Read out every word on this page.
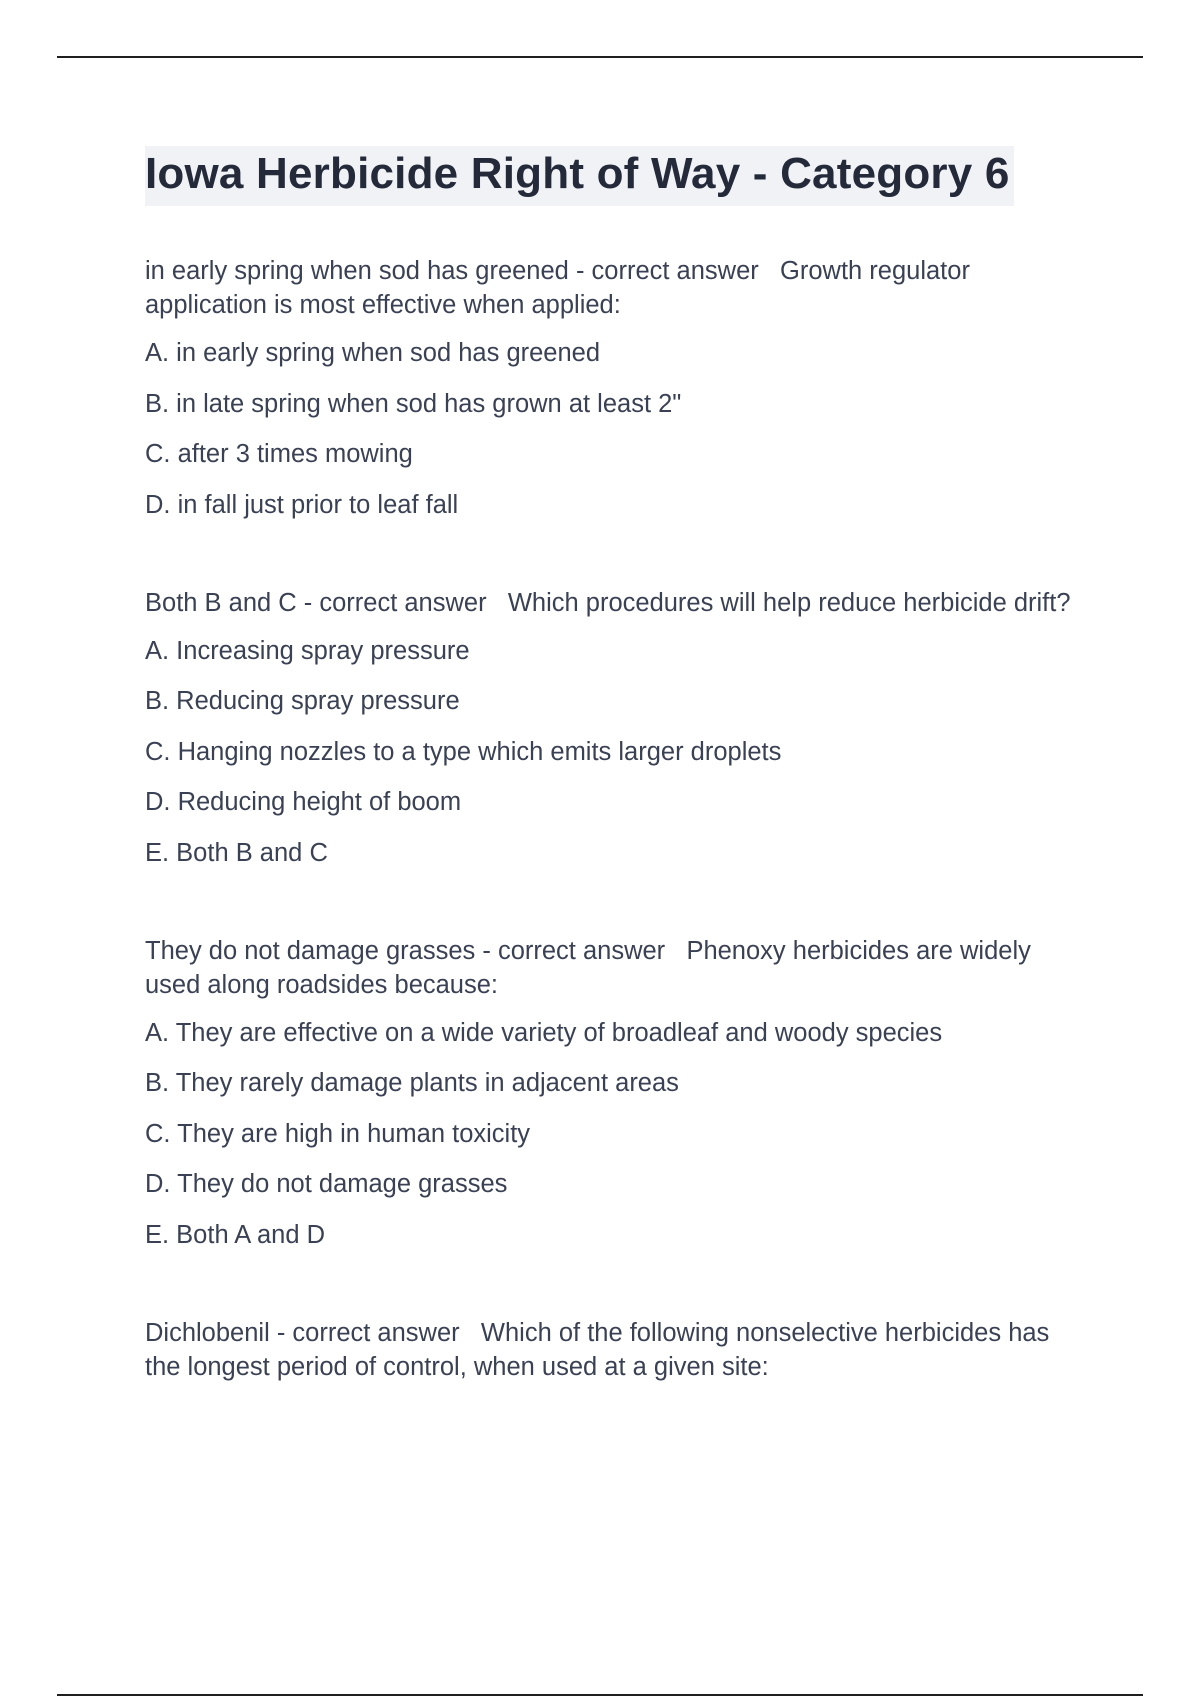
Iowa Herbicide Right of Way - Category 6

in early spring when sod has greened - correct answer Growth regulator application is most effective when applied:

A. in early spring when sod has greened

B. in late spring when sod has grown at least 2"

C. after 3 times mowing

D. in fall just prior to leaf fall

Both B and C - correct answer Which procedures will help reduce herbicide drift?

A. Increasing spray pressure

B. Reducing spray pressure

C. Hanging nozzles to a type which emits larger droplets

D. Reducing height of boom

E. Both B and C

They do not damage grasses - correct answer Phenoxy herbicides are widely used along roadsides because:

A. They are effective on a wide variety of broadleaf and woody species

B. They rarely damage plants in adjacent areas

C. They are high in human toxicity

D. They do not damage grasses

E. Both A and D

Dichlobenil - correct answer Which of the following nonselective herbicides has the longest period of control, when used at a given site:
